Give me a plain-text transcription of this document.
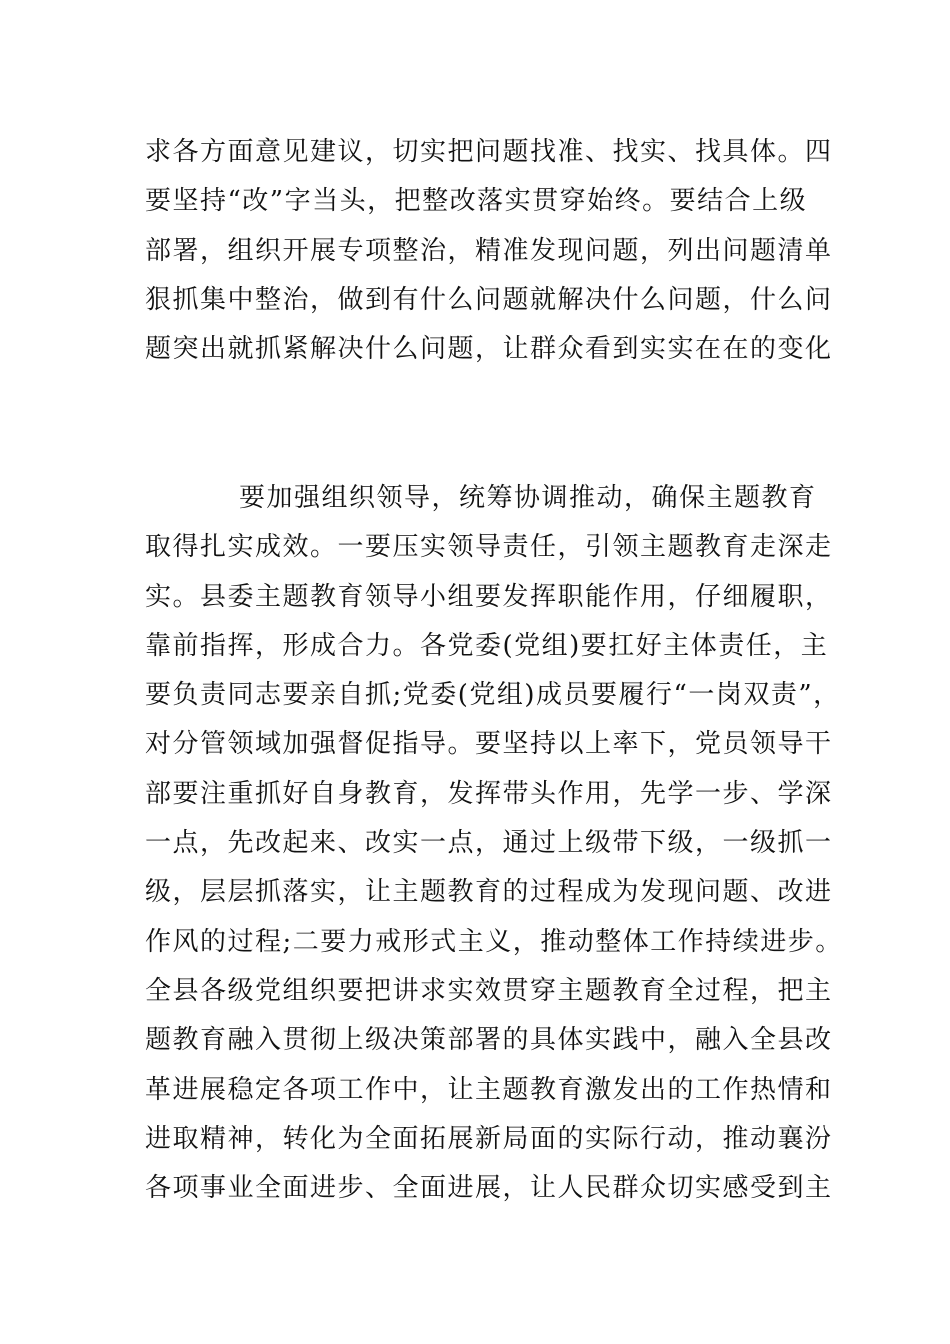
求各方面意见建议，切实把问题找准、找实、找具体。四
要坚持“改”字当头，把整改落实贯穿始终。要结合上级
部署，组织开展专项整治，精准发现问题，列出问题清单
狠抓集中整治，做到有什么问题就解决什么问题，什么问
题突出就抓紧解决什么问题，让群众看到实实在在的变化
要加强组织领导，统筹协调推动，确保主题教育
取得扎实成效。一要压实领导责任，引领主题教育走深走
实。县委主题教育领导小组要发挥职能作用，仔细履职，
靠前指挥，形成合力。各党委(党组)要扛好主体责任，主
要负责同志要亲自抓;党委(党组)成员要履行“一岗双责”，
对分管领域加强督促指导。要坚持以上率下，党员领导干
部要注重抓好自身教育，发挥带头作用，先学一步、学深
一点，先改起来、改实一点，通过上级带下级，一级抓一
级，层层抓落实，让主题教育的过程成为发现问题、改进
作风的过程;二要力戒形式主义，推动整体工作持续进步。
全县各级党组织要把讲求实效贯穿主题教育全过程，把主
题教育融入贯彻上级决策部署的具体实践中，融入全县改
革进展稳定各项工作中，让主题教育激发出的工作热情和
进取精神，转化为全面拓展新局面的实际行动，推动襄汾
各项事业全面进步、全面进展，让人民群众切实感受到主
